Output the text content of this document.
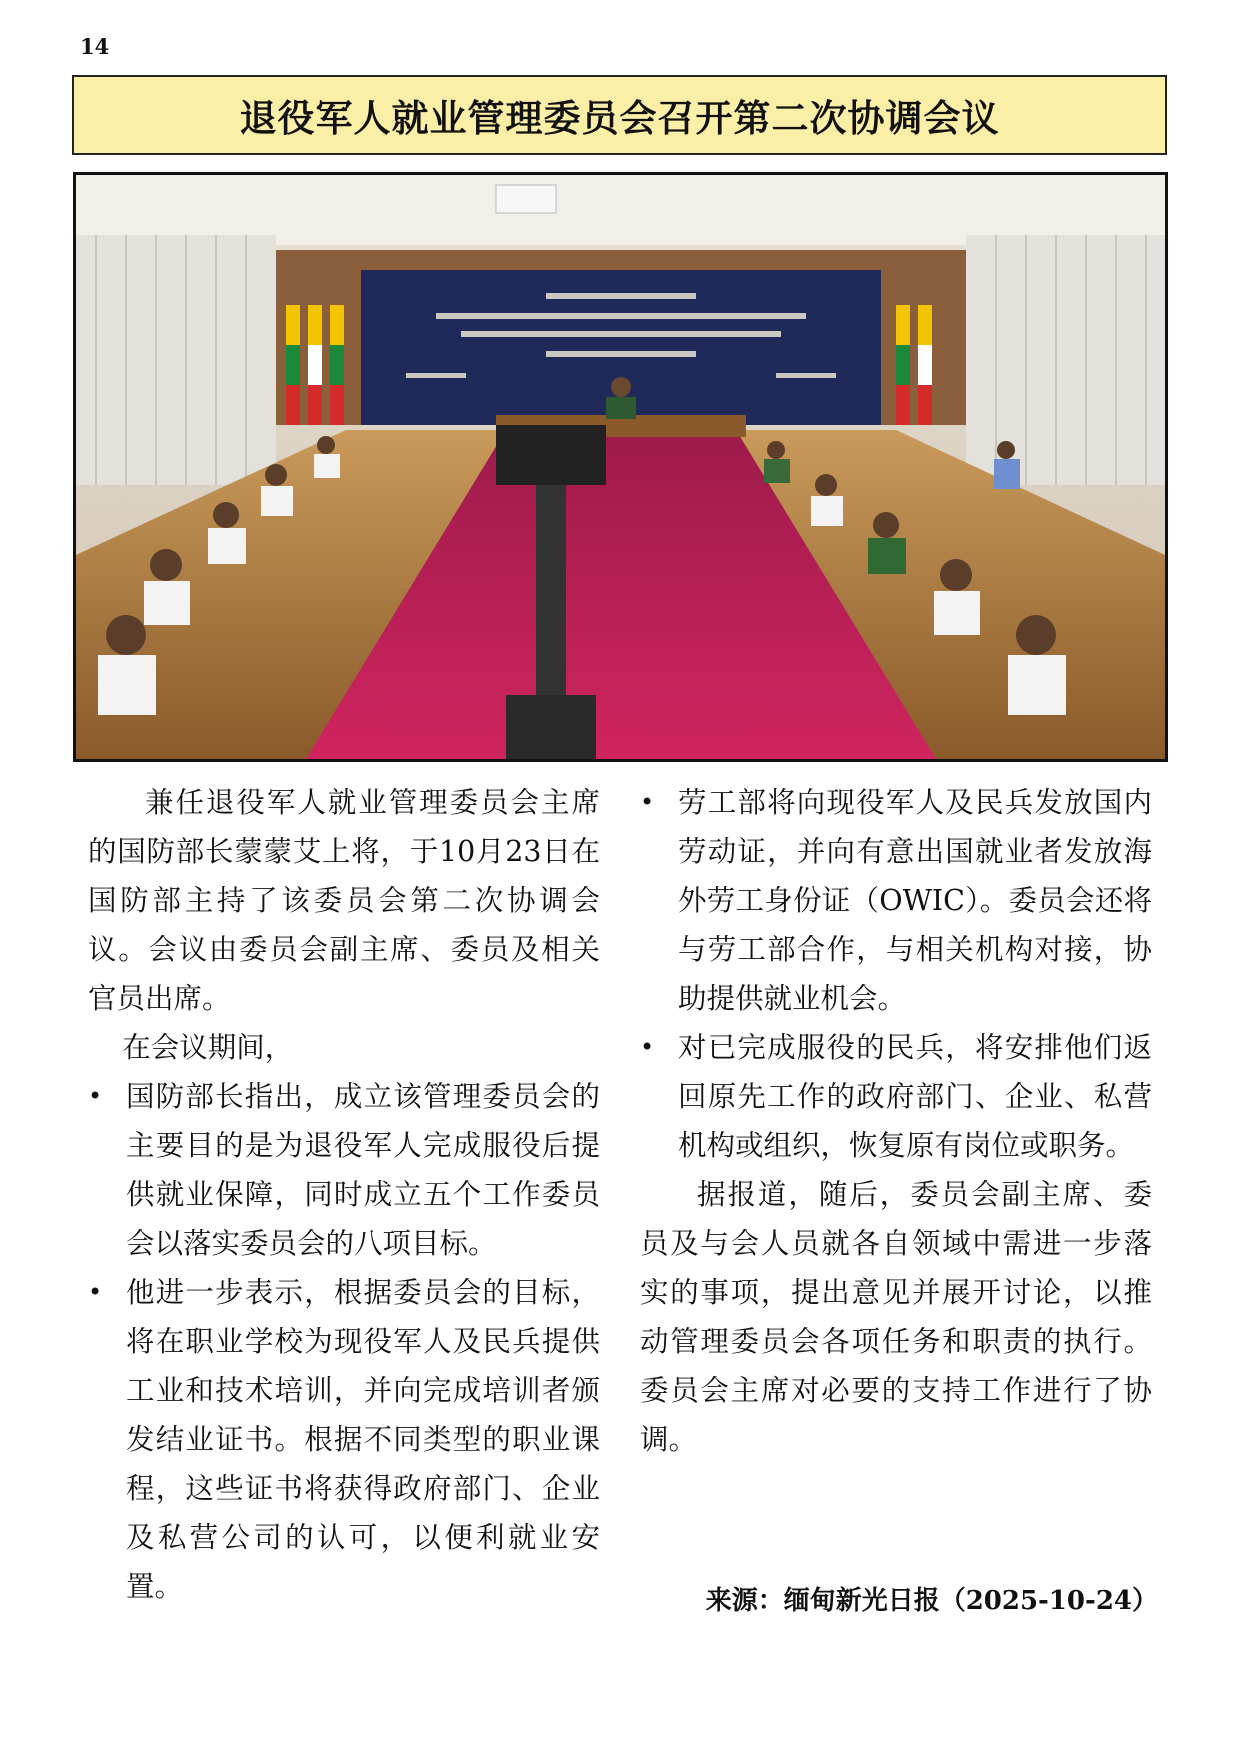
14
退役军人就业管理委员会召开第二次协调会议

兼任退役军人就业管理委员会主席的国防部长蒙蒙艾上将，于10月23日在国防部主持了该委员会第二次协调会议。会议由委员会副主席、委员及相关官员出席。

在会议期间，

• 国防部长指出，成立该管理委员会的主要目的是为退役军人完成服役后提供就业保障，同时成立五个工作委员会以落实委员会的八项目标。
• 他进一步表示，根据委员会的目标，将在职业学校为现役军人及民兵提供工业和技术培训，并向完成培训者颁发结业证书。根据不同类型的职业课程，这些证书将获得政府部门、企业及私营公司的认可，以便利就业安置。
• 劳工部将向现役军人及民兵发放国内劳动证，并向有意出国就业者发放海外劳工身份证（OWIC）。委员会还将与劳工部合作，与相关机构对接，协助提供就业机会。
• 对已完成服役的民兵，将安排他们返回原先工作的政府部门、企业、私营机构或组织，恢复原有岗位或职务。

据报道，随后，委员会副主席、委员及与会人员就各自领域中需进一步落实的事项，提出意见并展开讨论，以推动管理委员会各项任务和职责的执行。委员会主席对必要的支持工作进行了协调。

来源：缅甸新光日报（2025-10-24）
